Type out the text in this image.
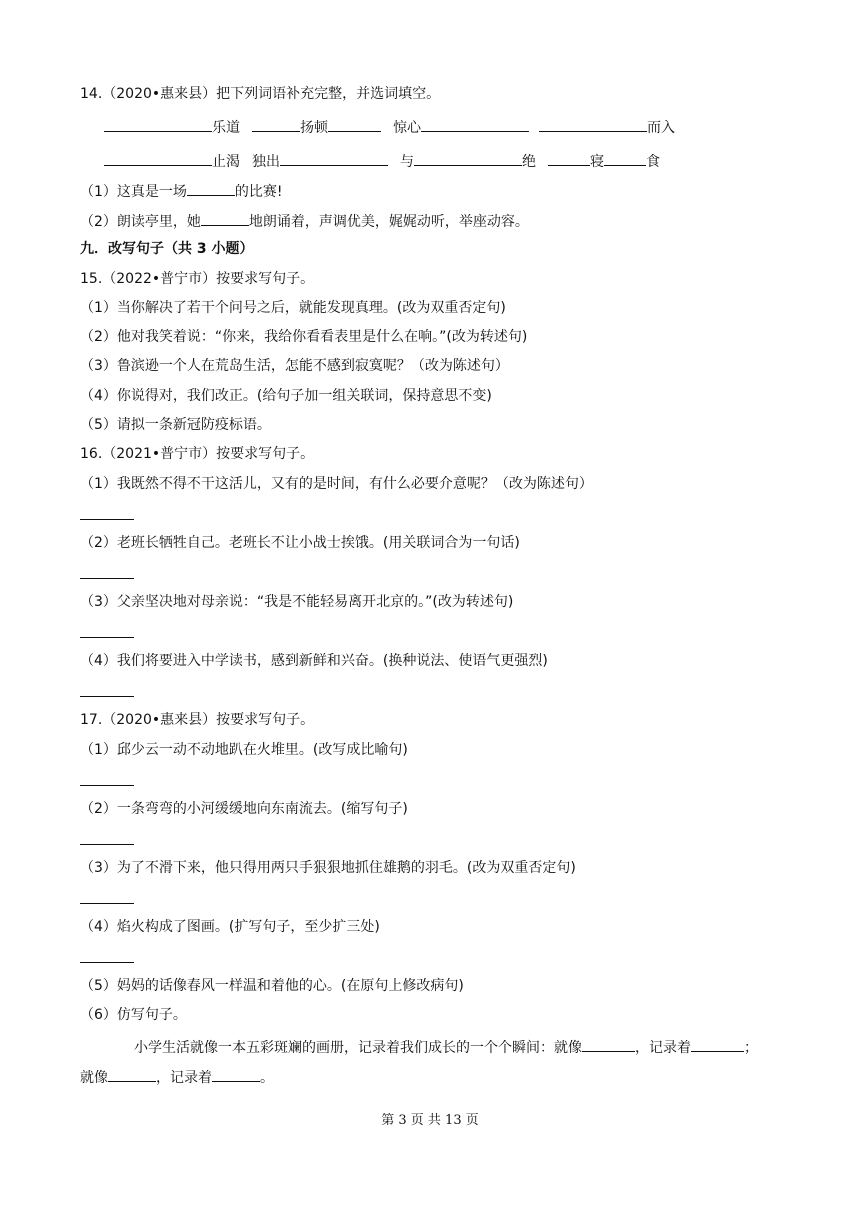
14.（2020•惠来县）把下列词语补充完整，并选词填空。
乐道	扬顿	惊心	而入
止渴 独出	与	绝	寝	食
（1）这真是一场	的比赛!
（2）朗读亭里，她	地朗诵着，声调优美，娓娓动听，举座动容。
九．改写句子（共 3 小题）
15.（2022•普宁市）按要求写句子。
（1）当你解决了若干个问号之后，就能发现真理。(改为双重否定句)
（2）他对我笑着说：“你来，我给你看看表里是什么在响。”(改为转述句)
（3）鲁滨逊一个人在荒岛生活，怎能不感到寂寞呢？（改为陈述句）
（4）你说得对，我们改正。(给句子加一组关联词，保持意思不变)
（5）请拟一条新冠防疫标语。
16.（2021•普宁市）按要求写句子。
（1）我既然不得不干这活儿，又有的是时间，有什么必要介意呢？（改为陈述句）
（2）老班长牺牲自己。老班长不让小战士挨饿。(用关联词合为一句话)
（3）父亲坚决地对母亲说：“我是不能轻易离开北京的。”(改为转述句)
（4）我们将要进入中学读书，感到新鲜和兴奋。(换种说法、使语气更强烈)
17.（2020•惠来县）按要求写句子。
（1）邱少云一动不动地趴在火堆里。(改写成比喻句)
（2）一条弯弯的小河缓缓地向东南流去。(缩写句子)
（3）为了不滑下来，他只得用两只手狠狠地抓住雄鹅的羽毛。(改为双重否定句)
（4）焰火构成了图画。(扩写句子，至少扩三处)
（5）妈妈的话像春风一样温和着他的心。(在原句上修改病句)
（6）仿写句子。
小学生活就像一本五彩斑斓的画册，记录着我们成长的一个个瞬间：就像	，记录着	；
就像	，记录着	。
第 3 页 共 13 页
